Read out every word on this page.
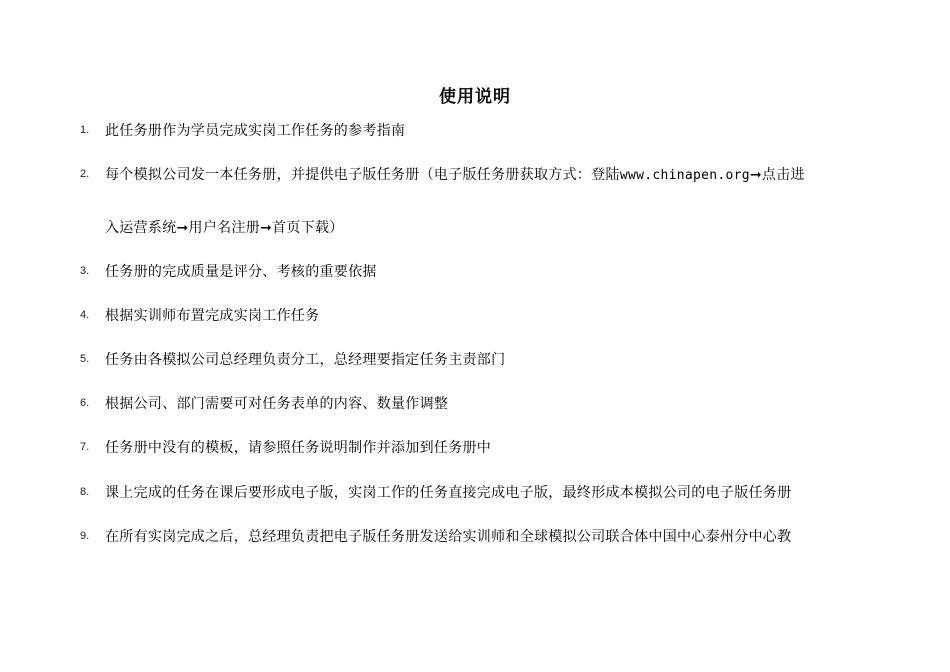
使用说明
1. 此任务册作为学员完成实岗工作任务的参考指南
2. 每个模拟公司发一本任务册，并提供电子版任务册（电子版任务册获取方式：登陆www.chinapen.org➞点击进
入运营系统➞用户名注册➞首页下载）
3. 任务册的完成质量是评分、考核的重要依据
4. 根据实训师布置完成实岗工作任务
5. 任务由各模拟公司总经理负责分工，总经理要指定任务主责部门
6. 根据公司、部门需要可对任务表单的内容、数量作调整
7. 任务册中没有的模板，请参照任务说明制作并添加到任务册中
8. 课上完成的任务在课后要形成电子版，实岗工作的任务直接完成电子版，最终形成本模拟公司的电子版任务册
9. 在所有实岗完成之后，总经理负责把电子版任务册发送给实训师和全球模拟公司联合体中国中心泰州分中心教
